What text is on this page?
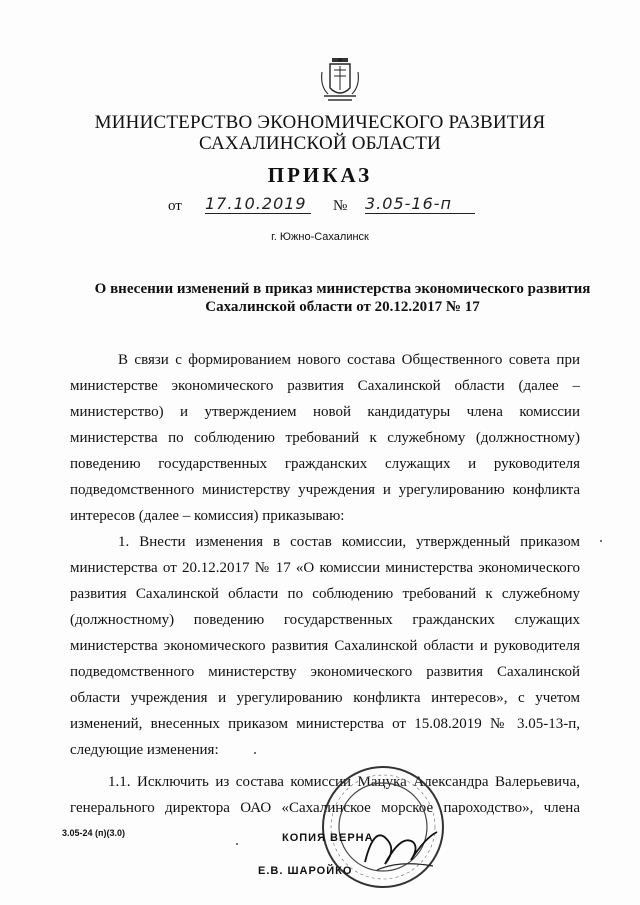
МИНИСТЕРСТВО ЭКОНОМИЧЕСКОГО РАЗВИТИЯ
САХАЛИНСКОЙ ОБЛАСТИ
ПРИКАЗ
от 17.10.2019 № 3.05-16-п
г. Южно-Сахалинск
О внесении изменений в приказ министерства экономического развития
Сахалинской области от 20.12.2017 № 17
В связи с формированием нового состава Общественного совета при
министерстве экономического развития Сахалинской области (далее –
министерство) и утверждением новой кандидатуры члена комиссии
министерства по соблюдению требований к служебному (должностному)
поведению государственных гражданских служащих и руководителя
подведомственного министерству учреждения и урегулированию конфликта
интересов (далее – комиссия) приказываю:
1. Внести изменения в состав комиссии, утвержденный приказом
министерства от 20.12.2017 № 17 «О комиссии министерства экономического
развития Сахалинской области по соблюдению требований к служебному
(должностному) поведению государственных гражданских служащих
министерства экономического развития Сахалинской области и руководителя
подведомственного министерству экономического развития Сахалинской
области учреждения и урегулированию конфликта интересов», с учетом
изменений, внесенных приказом министерства от 15.08.2019 № 3.05-13-п,
следующие изменения:
1.1. Исключить из состава комиссии Мацука Александра Валерьевича,
генерального директора ОАО «Сахалинское морское пароходство», члена
3.05-24 (п)(3.0)	КОПИЯ ВЕРНА
Е.В. ШАРОЙКО
